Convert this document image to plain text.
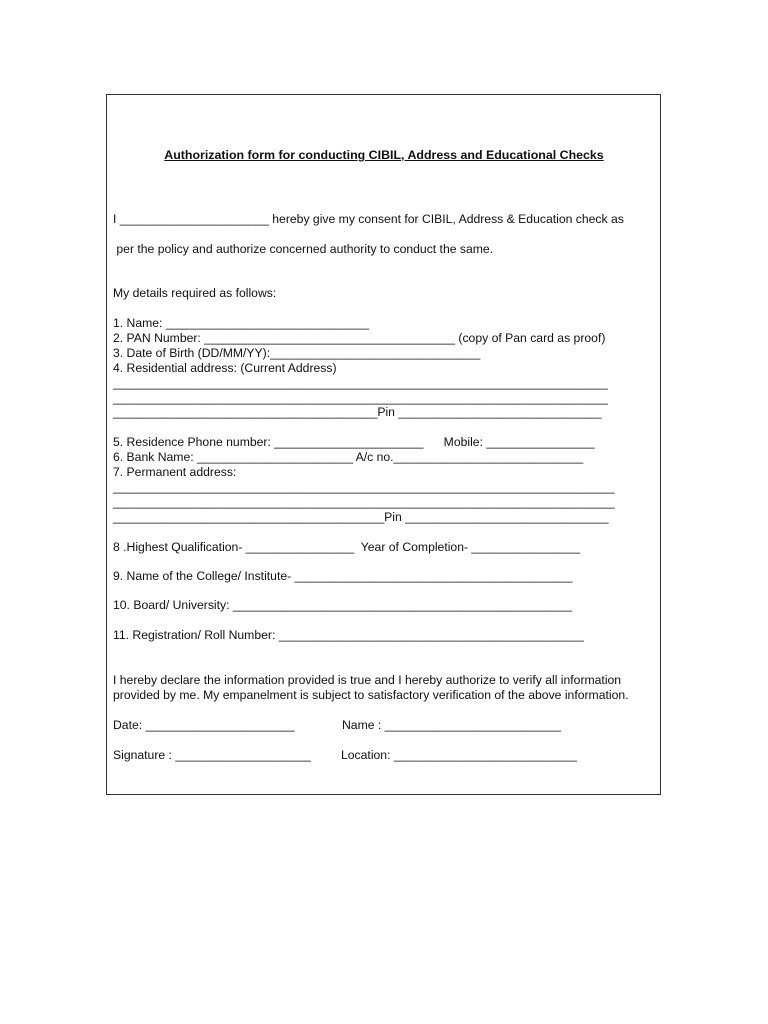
Authorization form for conducting CIBIL, Address and Educational Checks
I ______________________ hereby give my consent for CIBIL, Address & Education check as
per the policy and authorize concerned authority to conduct the same.
My details required as follows:
1. Name: ______________________________
2. PAN Number: _____________________________________ (copy of Pan card as proof)
3. Date of Birth (DD/MM/YY):_______________________________
4. Residential address: (Current Address)
_________________________________________________________________________
_________________________________________________________________________
_______________________________________Pin ______________________________
5. Residence Phone number: ______________________      Mobile: ________________
6. Bank Name: _______________________ A/c no.____________________________
7. Permanent address:
__________________________________________________________________________
__________________________________________________________________________
________________________________________Pin ______________________________
8 .Highest Qualification- ________________  Year of Completion- ________________
9. Name of the College/ Institute- _________________________________________
10. Board/ University: __________________________________________________
11. Registration/ Roll Number: _____________________________________________
I hereby declare the information provided is true and I hereby authorize to verify all information
provided by me. My empanelment is subject to satisfactory verification of the above information.
Date: ______________________	Name : __________________________
Signature : ____________________ Location: ___________________________
